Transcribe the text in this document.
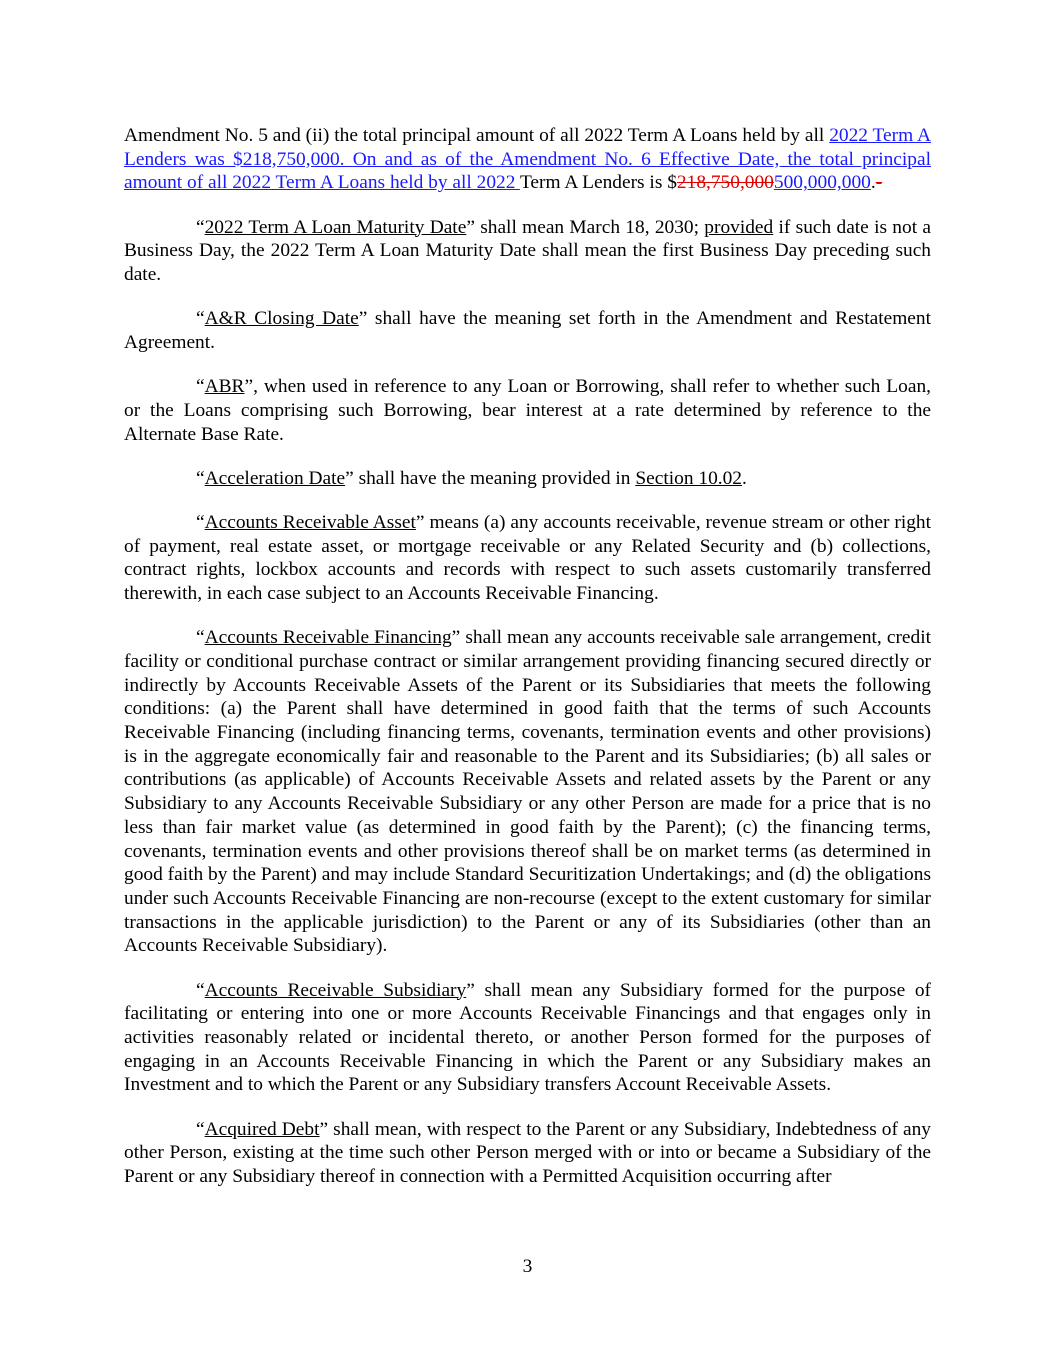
Amendment No. 5 and (ii) the total principal amount of all 2022 Term A Loans held by all 2022 Term A Lenders was $218,750,000. On and as of the Amendment No. 6 Effective Date, the total principal amount of all 2022 Term A Loans held by all 2022 Term A Lenders is $218,750,000500,000,000.-

“2022 Term A Loan Maturity Date” shall mean March 18, 2030; provided if such date is not a Business Day, the 2022 Term A Loan Maturity Date shall mean the first Business Day preceding such date.

“A&R Closing Date” shall have the meaning set forth in the Amendment and Restatement Agreement.

“ABR”, when used in reference to any Loan or Borrowing, shall refer to whether such Loan, or the Loans comprising such Borrowing, bear interest at a rate determined by reference to the Alternate Base Rate.

“Acceleration Date” shall have the meaning provided in Section 10.02.

“Accounts Receivable Asset” means (a) any accounts receivable, revenue stream or other right of payment, real estate asset, or mortgage receivable or any Related Security and (b) collections, contract rights, lockbox accounts and records with respect to such assets customarily transferred therewith, in each case subject to an Accounts Receivable Financing.

“Accounts Receivable Financing” shall mean any accounts receivable sale arrangement, credit facility or conditional purchase contract or similar arrangement providing financing secured directly or indirectly by Accounts Receivable Assets of the Parent or its Subsidiaries that meets the following conditions: (a) the Parent shall have determined in good faith that the terms of such Accounts Receivable Financing (including financing terms, covenants, termination events and other provisions) is in the aggregate economically fair and reasonable to the Parent and its Subsidiaries; (b) all sales or contributions (as applicable) of Accounts Receivable Assets and related assets by the Parent or any Subsidiary to any Accounts Receivable Subsidiary or any other Person are made for a price that is no less than fair market value (as determined in good faith by the Parent); (c) the financing terms, covenants, termination events and other provisions thereof shall be on market terms (as determined in good faith by the Parent) and may include Standard Securitization Undertakings; and (d) the obligations under such Accounts Receivable Financing are non-recourse (except to the extent customary for similar transactions in the applicable jurisdiction) to the Parent or any of its Subsidiaries (other than an Accounts Receivable Subsidiary).

“Accounts Receivable Subsidiary” shall mean any Subsidiary formed for the purpose of facilitating or entering into one or more Accounts Receivable Financings and that engages only in activities reasonably related or incidental thereto, or another Person formed for the purposes of engaging in an Accounts Receivable Financing in which the Parent or any Subsidiary makes an Investment and to which the Parent or any Subsidiary transfers Account Receivable Assets.

“Acquired Debt” shall mean, with respect to the Parent or any Subsidiary, Indebtedness of any other Person, existing at the time such other Person merged with or into or became a Subsidiary of the Parent or any Subsidiary thereof in connection with a Permitted Acquisition occurring after

3
